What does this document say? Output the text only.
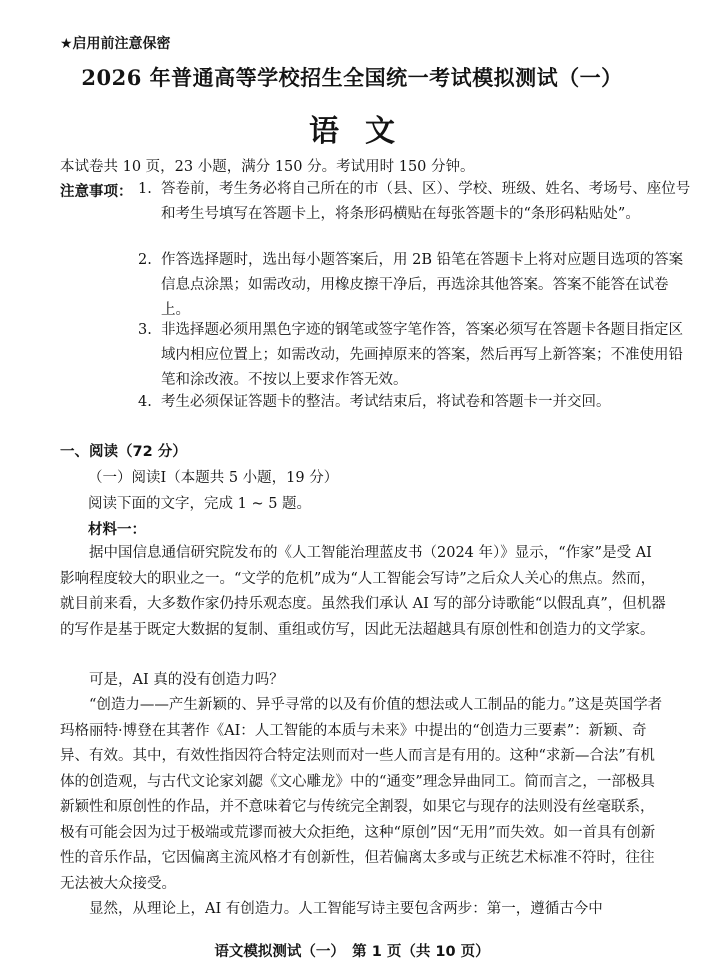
★启用前注意保密
2026 年普通高等学校招生全国统一考试模拟测试（一）
语文
本试卷共 10 页，23 小题，满分 150 分。考试用时 150 分钟。
注意事项： 1. 答卷前，考生务必将自己所在的市（县、区）、学校、班级、姓名、考场号、座位号和考生号填写在答题卡上，将条形码横贴在每张答题卡的“条形码粘贴处”。
2. 作答选择题时，选出每小题答案后，用 2B 铅笔在答题卡上将对应题目选项的答案信息点涂黑；如需改动，用橡皮擦干净后，再选涂其他答案。答案不能答在试卷上。
3. 非选择题必须用黑色字迹的钢笔或签字笔作答，答案必须写在答题卡各题目指定区域内相应位置上；如需改动，先画掉原来的答案，然后再写上新答案；不准使用铅笔和涂改液。不按以上要求作答无效。
4. 考生必须保证答题卡的整洁。考试结束后，将试卷和答题卡一并交回。
一、阅读（72 分）
（一）阅读Ⅰ（本题共 5 小题，19 分）
阅读下面的文字，完成 1 ~ 5 题。
材料一：
据中国信息通信研究院发布的《人工智能治理蓝皮书（2024 年）》显示，“作家”是受 AI 影响程度较大的职业之一。“文学的危机”成为“人工智能会写诗”之后众人关心的焦点。然而，就目前来看，大多数作家仍持乐观态度。虽然我们承认 AI 写的部分诗歌能“以假乱真”，但机器的写作是基于既定大数据的复制、重组或仿写，因此无法超越具有原创性和创造力的文学家。
可是，AI 真的没有创造力吗？
“创造力——产生新颖的、异乎寻常的以及有价值的想法或人工制品的能力。”这是英国学者玛格丽特·博登在其著作《AI：人工智能的本质与未来》中提出的“创造力三要素”：新颖、奇异、有效。其中，有效性指因符合特定法则而对一些人而言是有用的。这种“求新—合法”有机体的创造观，与古代文论家刘勰《文心雕龙》中的“通变”理念异曲同工。简而言之，一部极具新颖性和原创性的作品，并不意味着它与传统完全割裂，如果它与现存的法则没有丝毫联系，极有可能会因为过于极端或荒谬而被大众拒绝，这种“原创”因“无用”而失效。如一首具有创新性的音乐作品，它因偏离主流风格才有创新性，但若偏离太多或与正统艺术标准不符时，往往无法被大众接受。
显然，从理论上，AI 有创造力。人工智能写诗主要包含两步：第一，遵循古今中
语文模拟测试（一）　第 1 页（共 10 页）
